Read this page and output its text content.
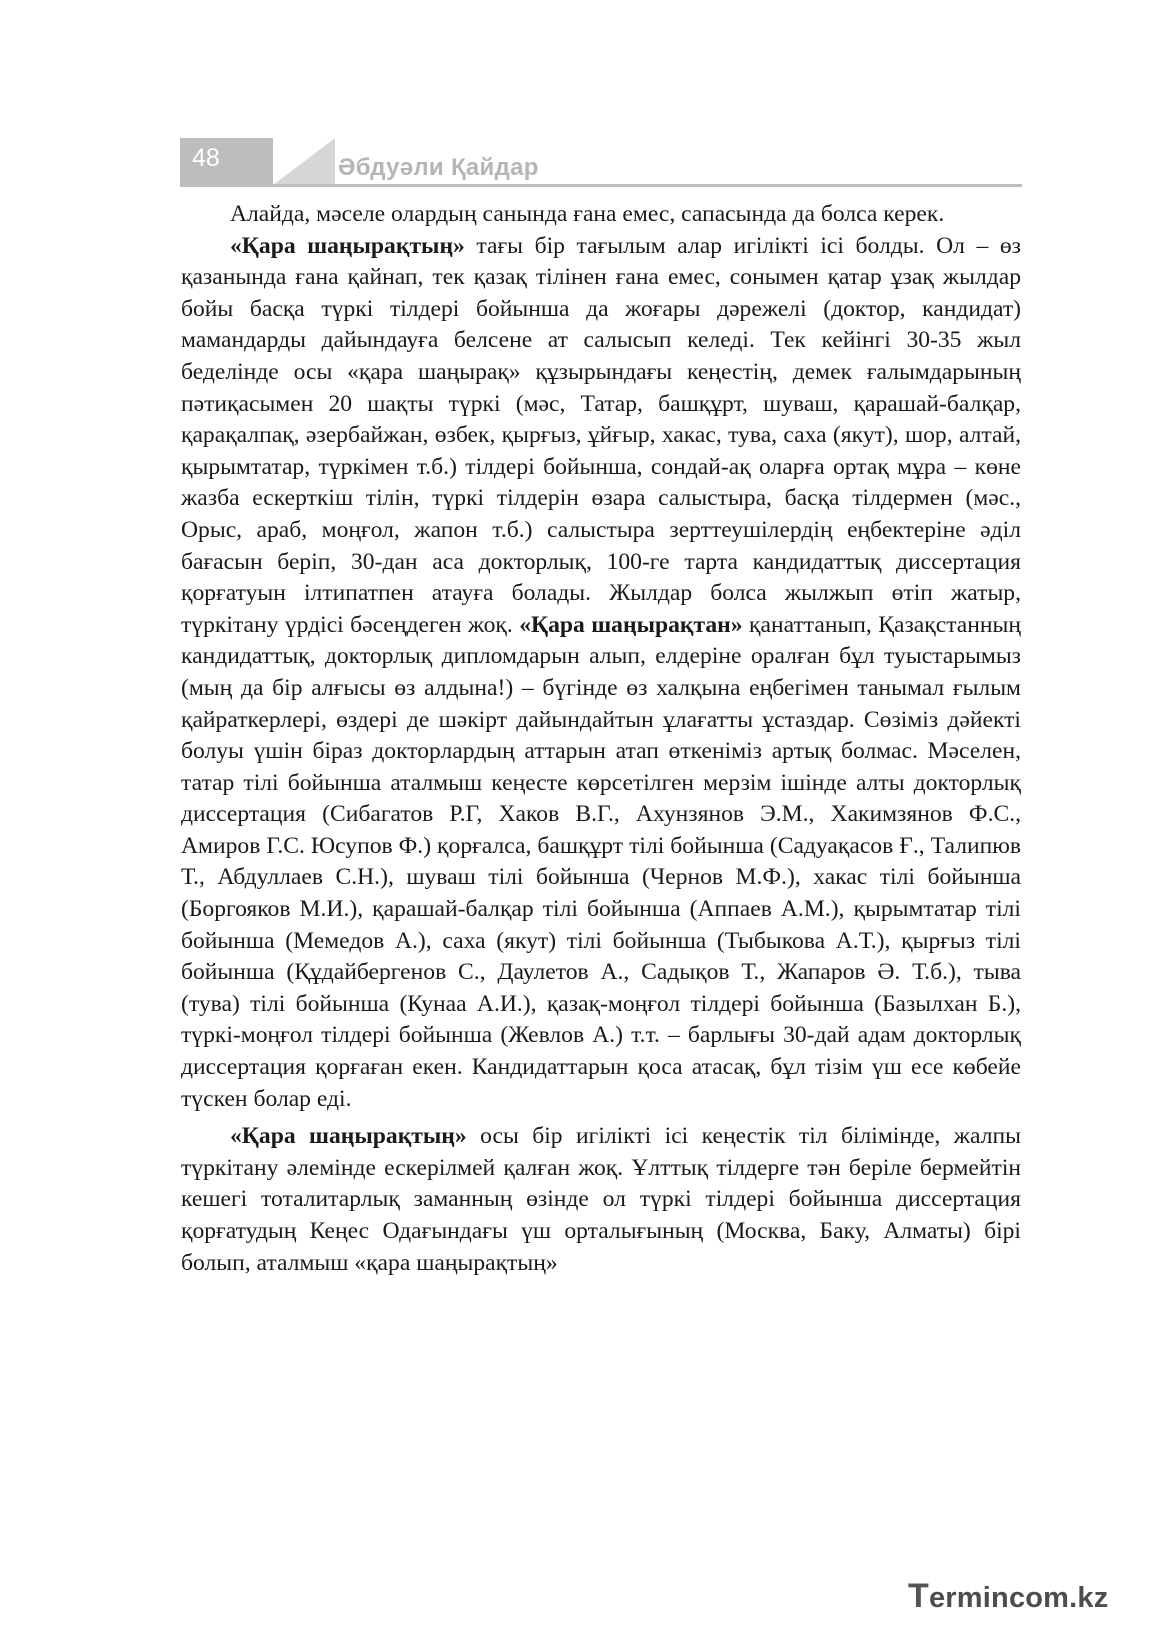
48	Әбдуәли Қайдар

Алайда, мәселе олардың санында ғана емес, сапасында да болса керек.

«Қара шаңырақтың» тағы бір тағылым алар игілікті ісі болды. Ол – өз қазанында ғана қайнап, тек қазақ тілінен ғана емес, сонымен қатар ұзақ жылдар бойы басқа түркі тілдері бойынша да жоғары дәрежелі (доктор, кандидат) мамандарды дайындауға белсене ат салысып келеді. Тек кейінгі 30-35 жыл беделінде осы «қара шаңырақ» құзырындағы кеңестің, демек ғалымдарының пәтиқасымен 20 шақты түркі (мәс, Татар, башқұрт, шуваш, қарашай-балқар, қарақалпақ, әзербайжан, өзбек, қырғыз, ұйғыр, хакас, тува, саха (якут), шор, алтай, қырымтатар, түркімен т.б.) тілдері бойынша, сондай-ақ оларға ортақ мұра – көне жазба ескерткіш тілін, түркі тілдерін өзара салыстыра, басқа тілдермен (мәс., Орыс, араб, моңғол, жапон т.б.) салыстыра зерттеушілердің еңбектеріне әділ бағасын беріп, 30-дан аса докторлық, 100-ге тарта кандидаттық диссертация қорғатуын ілтипатпен атауға болады. Жылдар болса жылжып өтіп жатыр, түркітану үрдісі бәсеңдеген жоқ. «Қара шаңырақтан» қанаттанып, Қазақстанның кандидаттық, докторлық дипломдарын алып, елдеріне оралған бұл туыстарымыз (мың да бір алғысы өз алдына!) – бүгінде өз халқына еңбегімен танымал ғылым қайраткерлері, өздері де шәкірт дайындайтын ұлағатты ұстаздар. Сөзіміз дәйекті болуы үшін біраз докторлардың аттарын атап өткеніміз артық болмас. Мәселен, татар тілі бойынша аталмыш кеңесте көрсетілген мерзім ішінде алты докторлық диссертация (Сибагатов Р.Г, Хаков В.Г., Ахунзянов Э.М., Хакимзянов Ф.С., Амиров Г.С. Юсупов Ф.) қорғалса, башқұрт тілі бойынша (Садуақасов Ғ., Талипюв Т., Абдуллаев С.Н.), шуваш тілі бойынша (Чернов М.Ф.), хакас тілі бойынша (Боргояков М.И.), қарашай-балқар тілі бойынша (Аппаев А.М.), қырымтатар тілі бойынша (Мемедов А.), саха (якут) тілі бойынша (Тыбыкова А.Т.), қырғыз тілі бойынша (Құдайбергенов С., Даулетов А., Садықов Т., Жапаров Ә. Т.б.), тыва (тува) тілі бойынша (Кунаа А.И.), қазақ-моңғол тілдері бойынша (Базылхан Б.), түркі-моңғол тілдері бойынша (Жевлов А.) т.т. – барлығы 30-дай адам докторлық диссертация қорғаған екен. Кандидаттарын қоса атасақ, бұл тізім үш есе көбейе түскен болар еді.

«Қара шаңырақтың» осы бір игілікті ісі кеңестік тіл білімінде, жалпы түркітану әлемінде ескерілмей қалған жоқ. Ұлттық тілдерге тән беріле бермейтін кешегі тоталитарлық заманның өзінде ол түркі тілдері бойынша диссертация қорғатудың Кеңес Одағындағы үш орталығының (Москва, Баку, Алматы) бірі болып, аталмыш «қара шаңырақтың»

Termincom.kz
